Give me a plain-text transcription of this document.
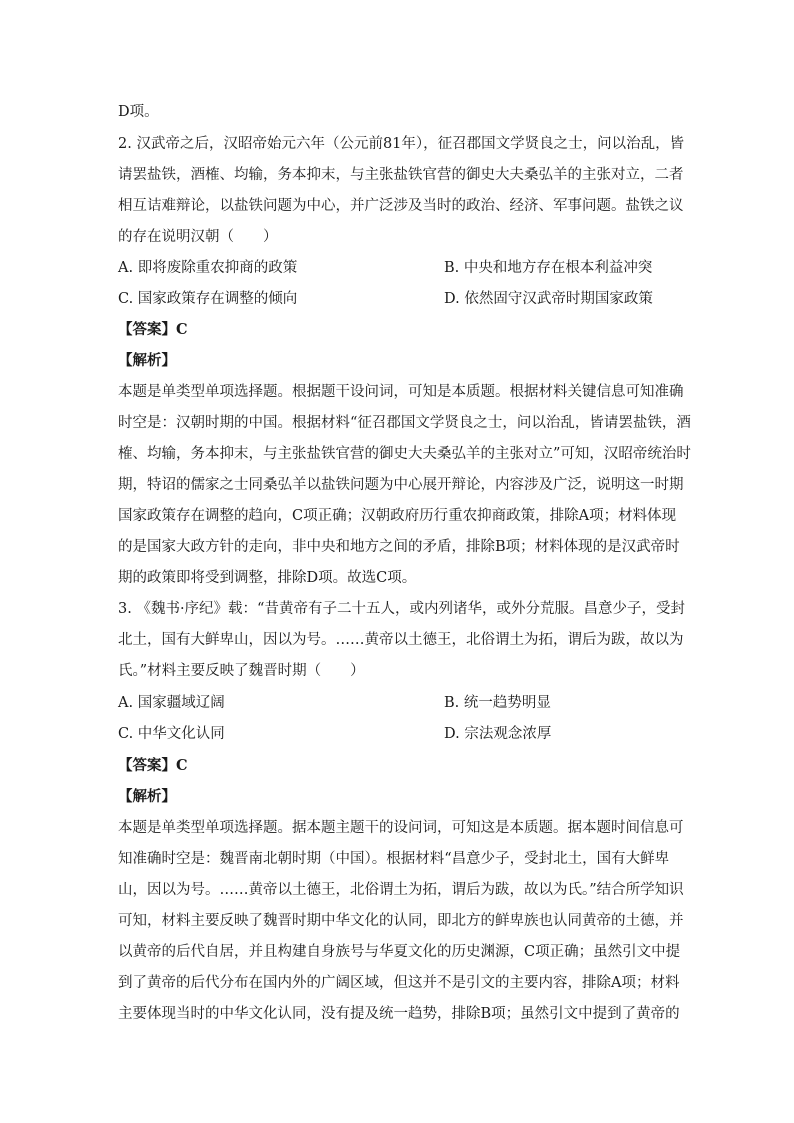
D项。
2. 汉武帝之后，汉昭帝始元六年（公元前81年），征召郡国文学贤良之士，问以治乱，皆
请罢盐铁，酒榷、均输，务本抑末，与主张盐铁官营的御史大夫桑弘羊的主张对立，二者
相互诘难辩论，以盐铁问题为中心，并广泛涉及当时的政治、经济、军事问题。盐铁之议
的存在说明汉朝（　　）
A. 即将废除重农抑商的政策	B. 中央和地方存在根本利益冲突
C. 国家政策存在调整的倾向	D. 依然固守汉武帝时期国家政策
【答案】C
【解析】
本题是单类型单项选择题。根据题干设问词，可知是本质题。根据材料关键信息可知准确
时空是：汉朝时期的中国。根据材料“征召郡国文学贤良之士，问以治乱，皆请罢盐铁，酒
榷、均输，务本抑末，与主张盐铁官营的御史大夫桑弘羊的主张对立”可知，汉昭帝统治时
期，特诏的儒家之士同桑弘羊以盐铁问题为中心展开辩论，内容涉及广泛，说明这一时期
国家政策存在调整的趋向，C项正确；汉朝政府历行重农抑商政策，排除A项；材料体现
的是国家大政方针的走向，非中央和地方之间的矛盾，排除B项；材料体现的是汉武帝时
期的政策即将受到调整，排除D项。故选C项。
3. 《魏书·序纪》载：“昔黄帝有子二十五人，或内列诸华，或外分荒服。昌意少子，受封
北土，国有大鲜卑山，因以为号。……黄帝以土德王，北俗谓土为拓，谓后为跋，故以为
氏。”材料主要反映了魏晋时期（　　）
A. 国家疆域辽阔	B. 统一趋势明显
C. 中华文化认同	D. 宗法观念浓厚
【答案】C
【解析】
本题是单类型单项选择题。据本题主题干的设问词，可知这是本质题。据本题时间信息可
知准确时空是：魏晋南北朝时期（中国）。根据材料“昌意少子，受封北土，国有大鲜卑
山，因以为号。……黄帝以土德王，北俗谓土为拓，谓后为跋，故以为氏。”结合所学知识
可知，材料主要反映了魏晋时期中华文化的认同，即北方的鲜卑族也认同黄帝的土德，并
以黄帝的后代自居，并且构建自身族号与华夏文化的历史渊源，C项正确；虽然引文中提
到了黄帝的后代分布在国内外的广阔区域，但这并不是引文的主要内容，排除A项；材料
主要体现当时的中华文化认同，没有提及统一趋势，排除B项；虽然引文中提到了黄帝的
